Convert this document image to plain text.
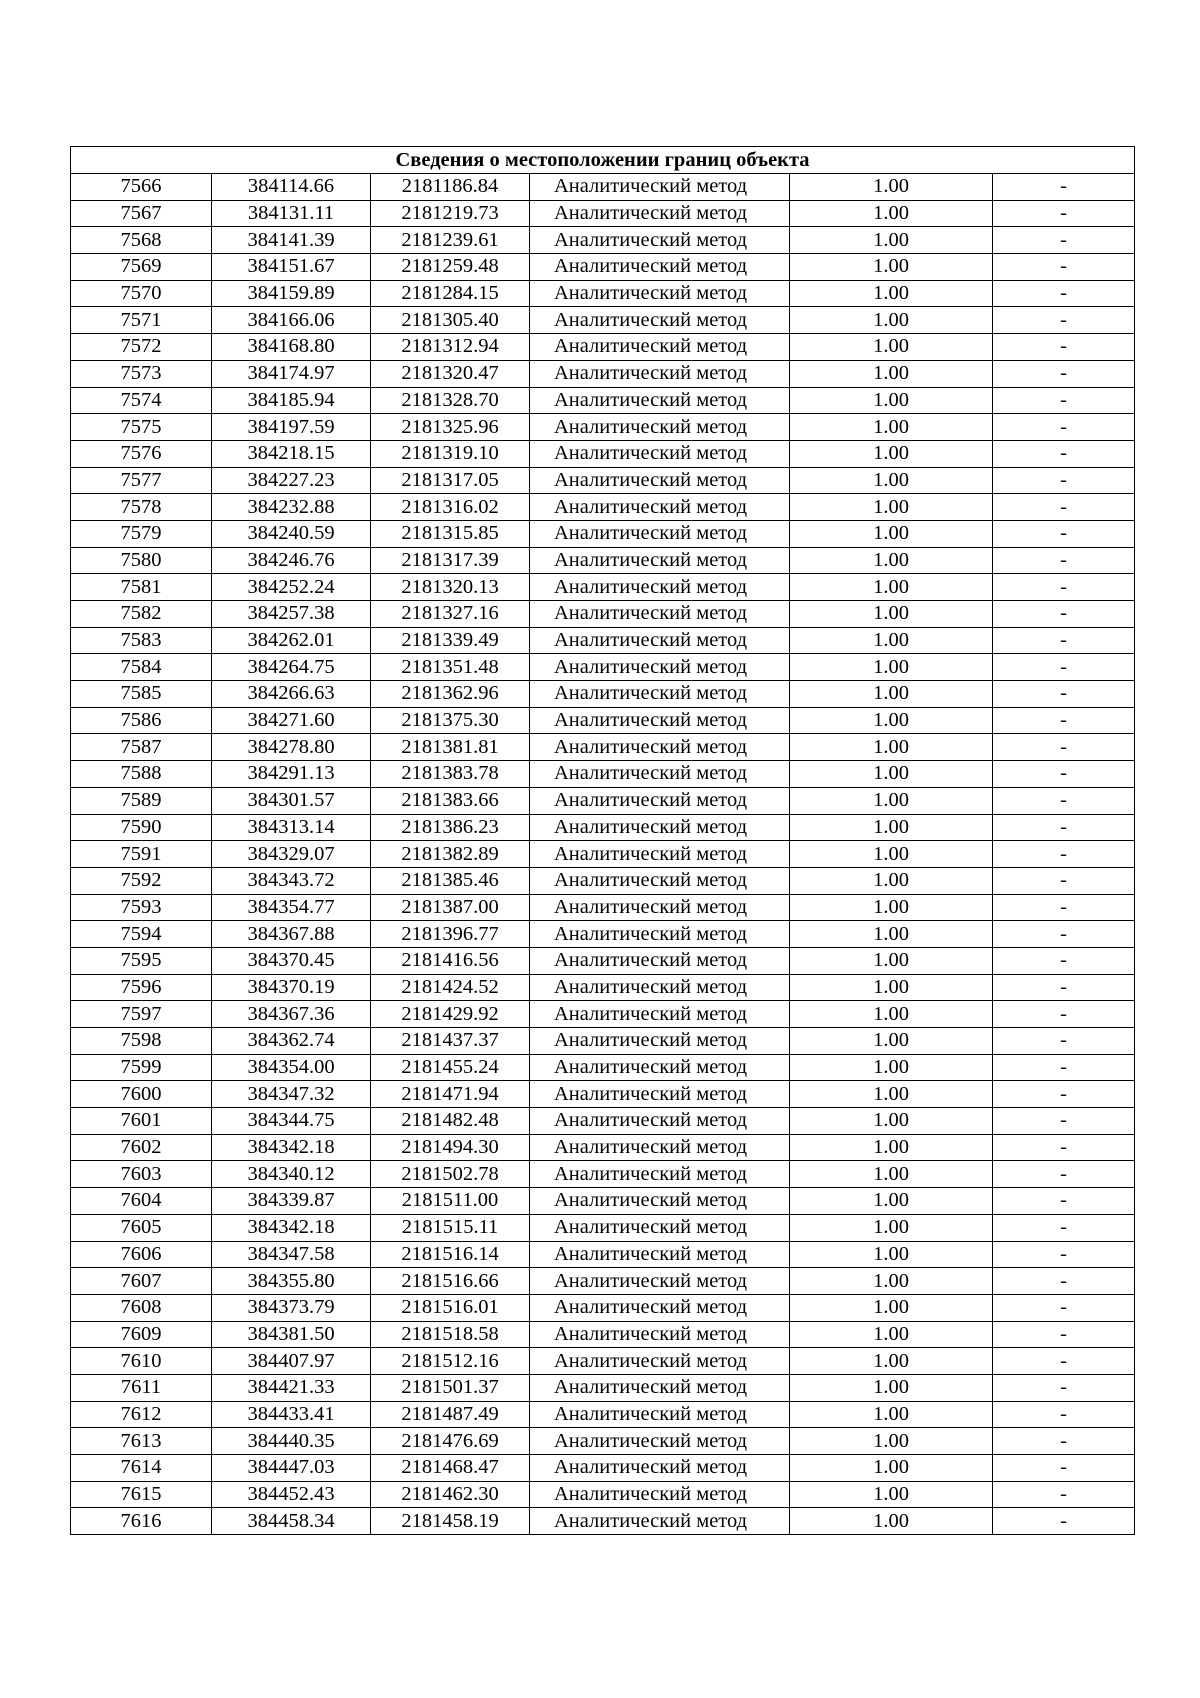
Сведения о местоположении границ объекта					
7566	384114.66	2181186.84	Аналитический метод	1.00	-
7567	384131.11	2181219.73	Аналитический метод	1.00	-
7568	384141.39	2181239.61	Аналитический метод	1.00	-
7569	384151.67	2181259.48	Аналитический метод	1.00	-
7570	384159.89	2181284.15	Аналитический метод	1.00	-
7571	384166.06	2181305.40	Аналитический метод	1.00	-
7572	384168.80	2181312.94	Аналитический метод	1.00	-
7573	384174.97	2181320.47	Аналитический метод	1.00	-
7574	384185.94	2181328.70	Аналитический метод	1.00	-
7575	384197.59	2181325.96	Аналитический метод	1.00	-
7576	384218.15	2181319.10	Аналитический метод	1.00	-
7577	384227.23	2181317.05	Аналитический метод	1.00	-
7578	384232.88	2181316.02	Аналитический метод	1.00	-
7579	384240.59	2181315.85	Аналитический метод	1.00	-
7580	384246.76	2181317.39	Аналитический метод	1.00	-
7581	384252.24	2181320.13	Аналитический метод	1.00	-
7582	384257.38	2181327.16	Аналитический метод	1.00	-
7583	384262.01	2181339.49	Аналитический метод	1.00	-
7584	384264.75	2181351.48	Аналитический метод	1.00	-
7585	384266.63	2181362.96	Аналитический метод	1.00	-
7586	384271.60	2181375.30	Аналитический метод	1.00	-
7587	384278.80	2181381.81	Аналитический метод	1.00	-
7588	384291.13	2181383.78	Аналитический метод	1.00	-
7589	384301.57	2181383.66	Аналитический метод	1.00	-
7590	384313.14	2181386.23	Аналитический метод	1.00	-
7591	384329.07	2181382.89	Аналитический метод	1.00	-
7592	384343.72	2181385.46	Аналитический метод	1.00	-
7593	384354.77	2181387.00	Аналитический метод	1.00	-
7594	384367.88	2181396.77	Аналитический метод	1.00	-
7595	384370.45	2181416.56	Аналитический метод	1.00	-
7596	384370.19	2181424.52	Аналитический метод	1.00	-
7597	384367.36	2181429.92	Аналитический метод	1.00	-
7598	384362.74	2181437.37	Аналитический метод	1.00	-
7599	384354.00	2181455.24	Аналитический метод	1.00	-
7600	384347.32	2181471.94	Аналитический метод	1.00	-
7601	384344.75	2181482.48	Аналитический метод	1.00	-
7602	384342.18	2181494.30	Аналитический метод	1.00	-
7603	384340.12	2181502.78	Аналитический метод	1.00	-
7604	384339.87	2181511.00	Аналитический метод	1.00	-
7605	384342.18	2181515.11	Аналитический метод	1.00	-
7606	384347.58	2181516.14	Аналитический метод	1.00	-
7607	384355.80	2181516.66	Аналитический метод	1.00	-
7608	384373.79	2181516.01	Аналитический метод	1.00	-
7609	384381.50	2181518.58	Аналитический метод	1.00	-
7610	384407.97	2181512.16	Аналитический метод	1.00	-
7611	384421.33	2181501.37	Аналитический метод	1.00	-
7612	384433.41	2181487.49	Аналитический метод	1.00	-
7613	384440.35	2181476.69	Аналитический метод	1.00	-
7614	384447.03	2181468.47	Аналитический метод	1.00	-
7615	384452.43	2181462.30	Аналитический метод	1.00	-
7616	384458.34	2181458.19	Аналитический метод	1.00	-
